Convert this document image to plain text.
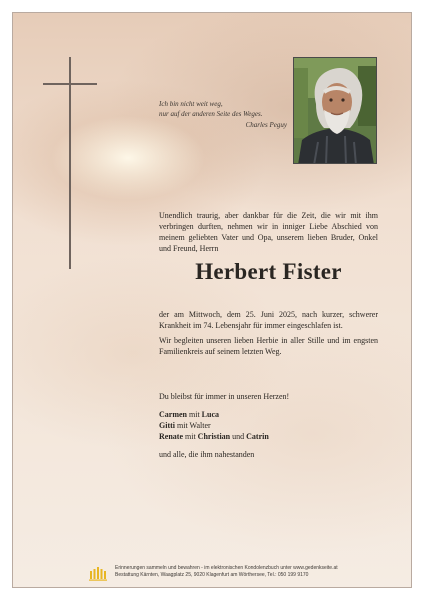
Ich bin nicht weit weg,
nur auf der anderen Seite des Weges.
Charles Peguy
Unendlich traurig, aber dankbar für die Zeit, die wir mit ihm verbringen durften, nehmen wir in inniger Liebe Abschied von meinem geliebten Vater und Opa, unserem lieben Bruder, Onkel und Freund, Herrn
Herbert Fister
der am Mittwoch, dem 25. Juni 2025, nach kurzer, schwerer Krankheit im 74. Lebensjahr für immer eingeschlafen ist.
Wir begleiten unseren lieben Herbie in aller Stille und im engsten Familienkreis auf seinem letzten Weg.
Du bleibst für immer in unseren Herzen!
Carmen mit Luca
Gitti mit Walter
Renate mit Christian und Catrin
und alle, die ihm nahestanden
Erinnerungen sammeln und bewahren - im elektronischen Kondolenzbuch unter www.gedenkseite.at
Bestattung Kärnten, Waagplatz 25, 9020 Klagenfurt am Wörthersee, Tel.: 050 199 9170
